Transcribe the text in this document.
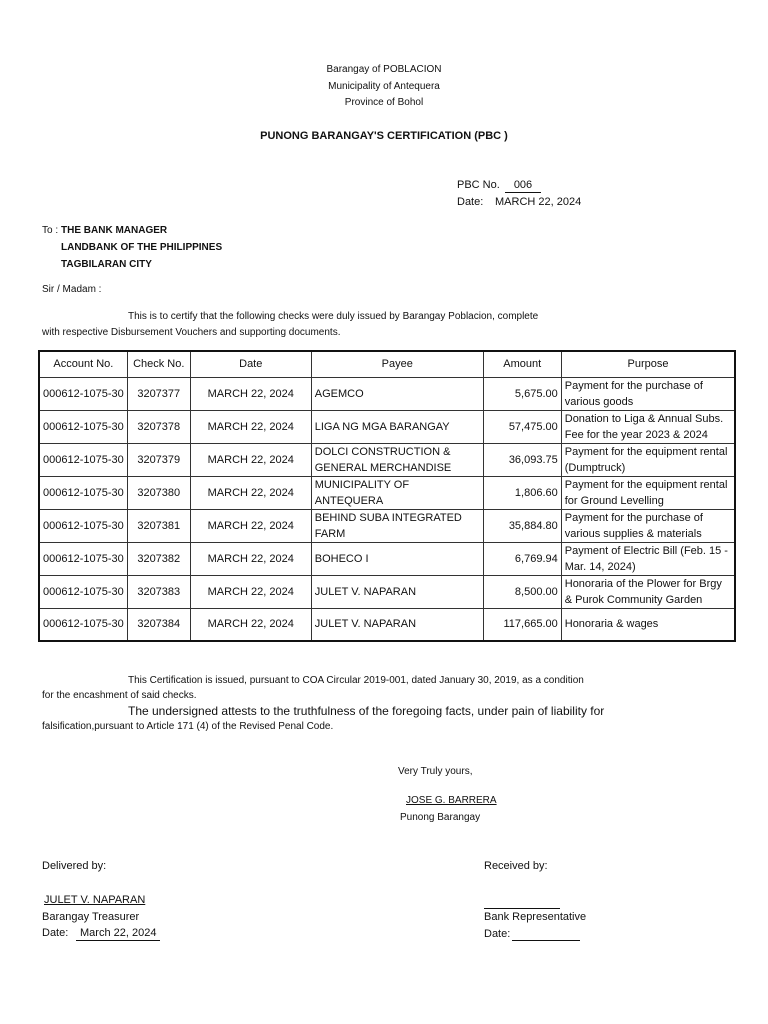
Barangay of POBLACION
Municipality of Antequera
Province of Bohol
PUNONG BARANGAY'S CERTIFICATION (PBC )
PBC No.	006
Date: MARCH 22, 2024
To : THE BANK MANAGER
LANDBANK OF THE PHILIPPINES
TAGBILARAN CITY
Sir / Madam :
This is to certify that the following checks were duly issued by Barangay Poblacion, complete
with respective Disbursement Vouchers and supporting documents.
Account No.	Check No.	Date	Payee	Amount	Purpose
000612-1075-30	3207377	MARCH 22, 2024	AGEMCO	5,675.00	Payment for the purchase of various goods
000612-1075-30	3207378	MARCH 22, 2024	LIGA NG MGA BARANGAY	57,475.00	Donation to Liga & Annual Subs. Fee for the year 2023 & 2024
000612-1075-30	3207379	MARCH 22, 2024	DOLCI CONSTRUCTION & GENERAL MERCHANDISE	36,093.75	Payment for the equipment rental (Dumptruck)
000612-1075-30	3207380	MARCH 22, 2024	MUNICIPALITY OF ANTEQUERA	1,806.60	Payment for the equipment rental for Ground Levelling
000612-1075-30	3207381	MARCH 22, 2024	BEHIND SUBA INTEGRATED FARM	35,884.80	Payment for the purchase of various supplies & materials
000612-1075-30	3207382	MARCH 22, 2024	BOHECO I	6,769.94	Payment of Electric Bill (Feb. 15 - Mar. 14, 2024)
000612-1075-30	3207383	MARCH 22, 2024	JULET V. NAPARAN	8,500.00	Honoraria of the Plower for Brgy & Purok Community Garden
000612-1075-30	3207384	MARCH 22, 2024	JULET V. NAPARAN	117,665.00	Honoraria & wages
This Certification is issued, pursuant to COA Circular 2019-001, dated January 30, 2019, as a condition
for the encashment of said checks.
The undersigned attests to the truthfulness of the foregoing facts, under pain of liability for
falsification,pursuant to Article 171 (4) of the Revised Penal Code.
Very Truly yours,
JOSE G. BARRERA
Punong Barangay
Delivered by:
JULET V. NAPARAN
Barangay Treasurer
Date:	March 22, 2024
Received by:
Bank Representative
Date:
